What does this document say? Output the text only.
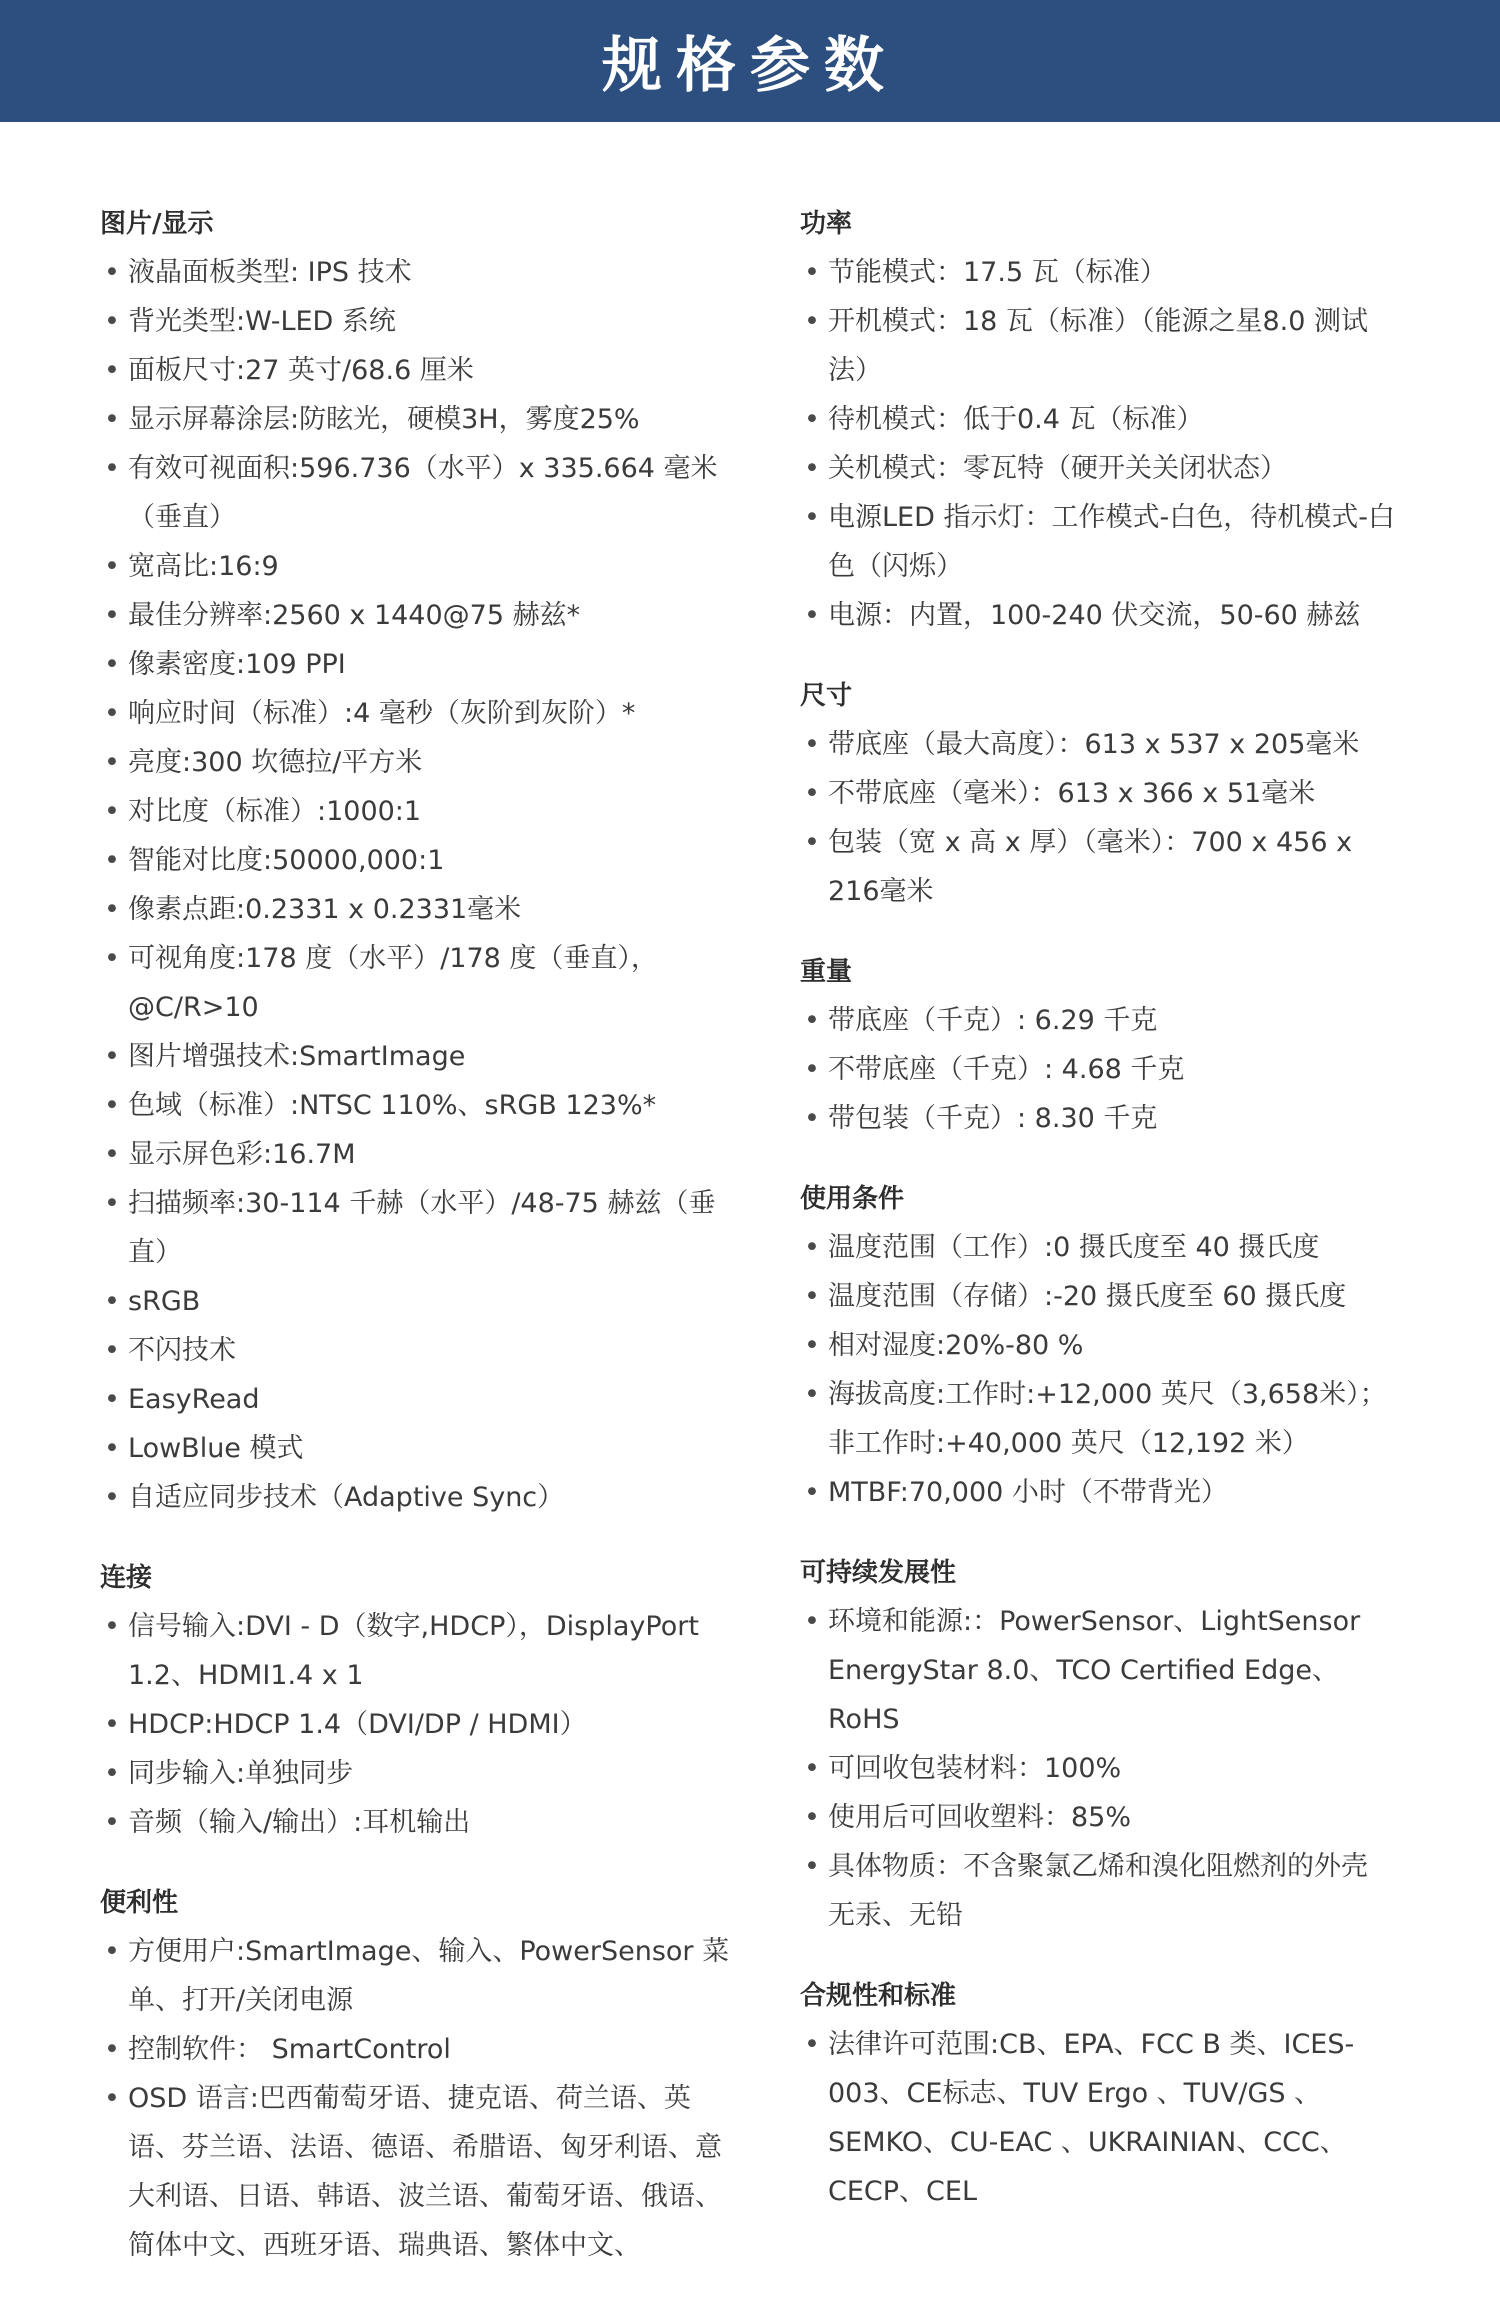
规格参数
图片/显示
• 液晶面板类型: IPS 技术
• 背光类型:W-LED 系统
• 面板尺寸:27 英寸/68.6 厘米
• 显示屏幕涂层:防眩光，硬模3H，雾度25%
• 有效可视面积:596.736（水平）x 335.664 毫米（垂直）
• 宽高比:16:9
• 最佳分辨率:2560 x 1440@75 赫兹*
• 像素密度:109 PPI
• 响应时间（标准）:4 毫秒（灰阶到灰阶）*
• 亮度:300 坎德拉/平方米
• 对比度（标准）:1000:1
• 智能对比度:50000,000:1
• 像素点距:0.2331 x 0.2331毫米
• 可视角度:178 度（水平）/178 度（垂直），@C/R>10
• 图片增强技术:SmartImage
• 色域（标准）:NTSC 110%、sRGB 123%*
• 显示屏色彩:16.7M
• 扫描频率:30-114 千赫（水平）/48-75 赫兹（垂直）
• sRGB
• 不闪技术
• EasyRead
• LowBlue 模式
• 自适应同步技术（Adaptive Sync）
连接
• 信号输入:DVI - D（数字,HDCP），DisplayPort 1.2、HDMI1.4 x 1
• HDCP:HDCP 1.4（DVI/DP / HDMI）
• 同步输入:单独同步
• 音频（输入/输出）:耳机输出
便利性
• 方便用户:SmartImage、输入、PowerSensor 菜单、打开/关闭电源
• 控制软件： SmartControl
• OSD 语言:巴西葡萄牙语、捷克语、荷兰语、英语、芬兰语、法语、德语、希腊语、匈牙利语、意大利语、日语、韩语、波兰语、葡萄牙语、俄语、简体中文、西班牙语、瑞典语、繁体中文、
功率
• 节能模式：17.5 瓦（标准）
• 开机模式：18 瓦（标准）（能源之星8.0 测试法）
• 待机模式：低于0.4 瓦（标准）
• 关机模式：零瓦特（硬开关关闭状态）
• 电源LED 指示灯：工作模式-白色，待机模式-白色（闪烁）
• 电源：内置，100-240 伏交流，50-60 赫兹
尺寸
• 带底座（最大高度）：613 x 537 x 205毫米
• 不带底座（毫米）：613 x 366 x 51毫米
• 包装（宽 x 高 x 厚）（毫米）：700 x 456 x 216毫米
重量
• 带底座（千克）: 6.29 千克
• 不带底座（千克）: 4.68 千克
• 带包装（千克）: 8.30 千克
使用条件
• 温度范围（工作）:0 摄氏度至 40 摄氏度
• 温度范围（存储）:-20 摄氏度至 60 摄氏度
• 相对湿度:20%-80 %
• 海拔高度:工作时:+12,000 英尺（3,658米）；非工作时:+40,000 英尺（12,192 米）
• MTBF:70,000 小时（不带背光）
可持续发展性
• 环境和能源:：PowerSensor、LightSensor EnergyStar 8.0、TCO Certified Edge、RoHS
• 可回收包装材料：100%
• 使用后可回收塑料：85%
• 具体物质：不含聚氯乙烯和溴化阻燃剂的外壳 无汞、无铅
合规性和标准
• 法律许可范围:CB、EPA、FCC B 类、ICES-003、CE标志、TUV Ergo 、TUV/GS 、SEMKO、CU-EAC 、UKRAINIAN、CCC、CECP、CEL
